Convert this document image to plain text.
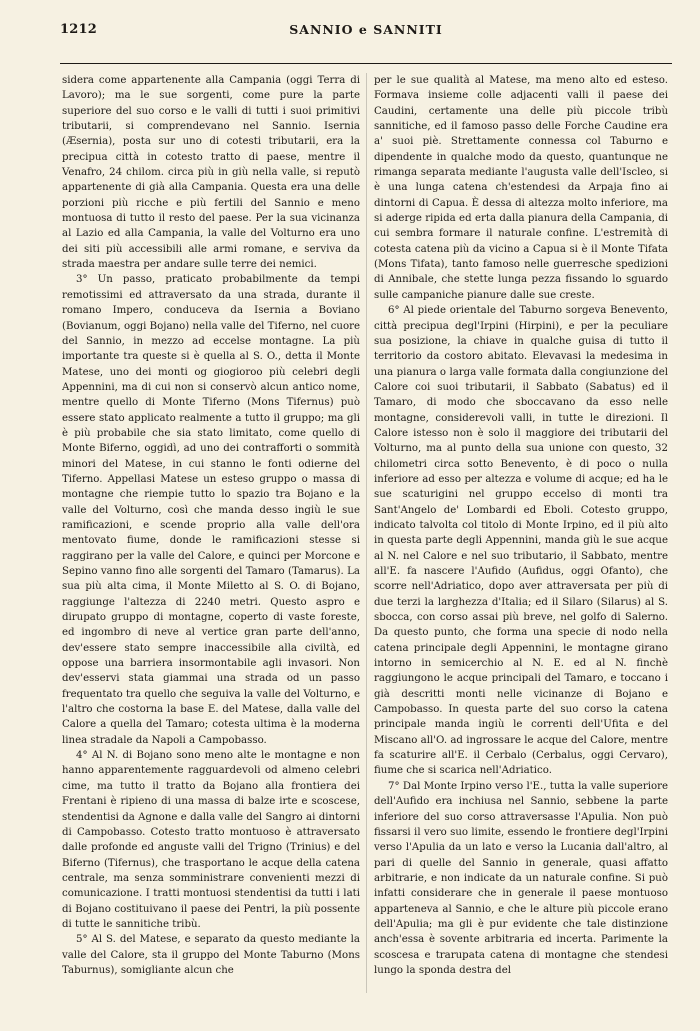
1212	SANNIO e SANNITI

sidera come appartenente alla Campania (oggi Terra di Lavoro); ma le sue sorgenti, come pure la parte superiore del suo corso e le valli di tutti i suoi primitivi tributarii, si comprendevano nel Sannio. Isernia (Æsernia), posta sur uno di cotesti tributarii, era la precipua città in cotesto tratto di paese, mentre il Venafro, 24 chilom. circa più in giù nella valle, si reputò appartenente di già alla Campania. Questa era una delle porzioni più ricche e più fertili del Sannio e meno montuosa di tutto il resto del paese. Per la sua vicinanza al Lazio ed alla Campania, la valle del Volturno era uno dei siti più accessibili alle armi romane, e serviva da strada maestra per andare sulle terre dei nemici.

3° Un passo, praticato probabilmente da tempi remotissimi ed attraversato da una strada, durante il romano Impero, conduceva da Isernia a Boviano (Bovianum, oggi Bojano) nella valle del Tiferno, nel cuore del Sannio, in mezzo ad eccelse montagne. La più importante tra queste si è quella al S. O., detta il Monte Matese, uno dei monti og giogioroo più celebri degli Appennini, ma di cui non si conservò alcun antico nome, mentre quello di Monte Tiferno (Mons Tifernus) può essere stato applicato realmente a tutto il gruppo; ma gli è più probabile che sia stato limitato, come quello di Monte Biferno, oggidì, ad uno dei contrafforti o sommità minori del Matese, in cui stanno le fonti odierne del Tiferno. Appellasi Matese un esteso gruppo o massa di montagne che riempie tutto lo spazio tra Bojano e la valle del Volturno, così che manda desso ingiù le sue ramificazioni, e scende proprio alla valle dell'ora mentovato fiume, donde le ramificazioni stesse si raggirano per la valle del Calore, e quinci per Morcone e Sepino vanno fino alle sorgenti del Tamaro (Tamarus). La sua più alta cima, il Monte Miletto al S. O. di Bojano, raggiunge l'altezza di 2240 metri. Questo aspro e dirupato gruppo di montagne, coperto di vaste foreste, ed ingombro di neve al vertice gran parte dell'anno, dev'essere stato sempre inaccessibile alla civiltà, ed oppose una barriera insormontabile agli invasori. Non dev'esservi stata giammai una strada od un passo frequentato tra quello che seguiva la valle del Volturno, e l'altro che costorna la base E. del Matese, dalla valle del Calore a quella del Tamaro; cotesta ultima è la moderna linea stradale da Napoli a Campobasso.

4° Al N. di Bojano sono meno alte le montagne e non hanno apparentemente ragguardevoli od almeno celebri cime, ma tutto il tratto da Bojano alla frontiera dei Frentani è ripieno di una massa di balze irte e scoscese, stendentisi da Agnone e dalla valle del Sangro ai dintorni di Campobasso. Cotesto tratto montuoso è attraversato dalle profonde ed anguste valli del Trigno (Trinius) e del Biferno (Tifernus), che trasportano le acque della catena centrale, ma senza somministrare convenienti mezzi di comunicazione. I tratti montuosi stendentisi da tutti i lati di Bojano costituivano il paese dei Pentri, la più possente di tutte le sannitiche tribù.

5° Al S. del Matese, e separato da questo mediante la valle del Calore, sta il gruppo del Monte Taburno (Mons Taburnus), somigliante alcun che

per le sue qualità al Matese, ma meno alto ed esteso. Formava insieme colle adjacenti valli il paese dei Caudini, certamente una delle più piccole tribù sannitiche, ed il famoso passo delle Forche Caudine era a' suoi piè. Strettamente connessa col Taburno e dipendente in qualche modo da questo, quantunque ne rimanga separata mediante l'augusta valle dell'Iscleo, si è una lunga catena ch'estendesi da Arpaja fino ai dintorni di Capua. È dessa di altezza molto inferiore, ma si aderge ripida ed erta dalla pianura della Campania, di cui sembra formare il naturale confine. L'estremità di cotesta catena più da vicino a Capua si è il Monte Tifata (Mons Tifata), tanto famoso nelle guerresche spedizioni di Annibale, che stette lunga pezza fissando lo sguardo sulle campaniche pianure dalle sue creste.

6° Al piede orientale del Taburno sorgeva Benevento, città precipua degl'Irpini (Hirpini), e per la peculiare sua posizione, la chiave in qualche guisa di tutto il territorio da costoro abitato. Elevavasi la medesima in una pianura o larga valle formata dalla congiunzione del Calore coi suoi tributarii, il Sabbato (Sabatus) ed il Tamaro, di modo che sboccavano da esso nelle montagne, considerevoli valli, in tutte le direzioni. Il Calore istesso non è solo il maggiore dei tributarii del Volturno, ma al punto della sua unione con questo, 32 chilometri circa sotto Benevento, è di poco o nulla inferiore ad esso per altezza e volume di acque; ed ha le sue scaturigini nel gruppo eccelso di monti tra Sant'Angelo de' Lombardi ed Eboli. Cotesto gruppo, indicato talvolta col titolo di Monte Irpino, ed il più alto in questa parte degli Appennini, manda giù le sue acque al N. nel Calore e nel suo tributario, il Sabbato, mentre all'E. fa nascere l'Aufido (Aufidus, oggi Ofanto), che scorre nell'Adriatico, dopo aver attraversata per più di due terzi la larghezza d'Italia; ed il Silaro (Silarus) al S. sbocca, con corso assai più breve, nel golfo di Salerno. Da questo punto, che forma una specie di nodo nella catena principale degli Appennini, le montagne girano intorno in semicerchio al N. E. ed al N. finchè raggiungono le acque principali del Tamaro, e toccano i già descritti monti nelle vicinanze di Bojano e Campobasso. In questa parte del suo corso la catena principale manda ingiù le correnti dell'Ufita e del Miscano all'O. ad ingrossare le acque del Calore, mentre fa scaturire all'E. il Cerbalo (Cerbalus, oggi Cervaro), fiume che si scarica nell'Adriatico.

7° Dal Monte Irpino verso l'E., tutta la valle superiore dell'Aufido era inchiusa nel Sannio, sebbene la parte inferiore del suo corso attraversasse l'Apulia. Non può fissarsi il vero suo limite, essendo le frontiere degl'Irpini verso l'Apulia da un lato e verso la Lucania dall'altro, al pari di quelle del Sannio in generale, quasi affatto arbitrarie, e non indicate da un naturale confine. Si può infatti considerare che in generale il paese montuoso apparteneva al Sannio, e che le alture più piccole erano dell'Apulia; ma gli è pur evidente che tale distinzione anch'essa è sovente arbitraria ed incerta. Parimente la scoscesa e trarupata catena di montagne che stendesi lungo la sponda destra del
